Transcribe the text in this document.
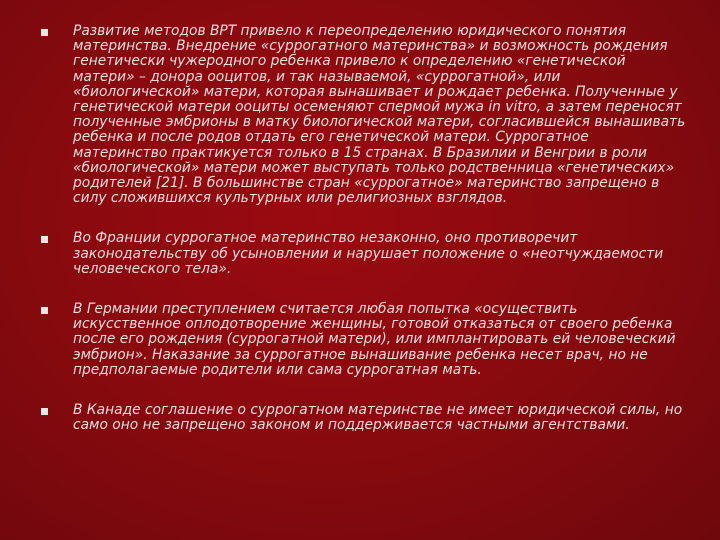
Развитие методов ВРТ привело к переопределению юридического понятия материнства. Внедрение «суррогатного материнства» и возможность рождения генетически чужеродного ребенка привело к определению «генетической матери» – донора ооцитов, и так называемой, «суррогатной», или «биологической» матери, которая вынашивает и рождает ребенка. Полученные у генетической матери ооциты осеменяют спермой мужа in vitro, а затем переносят полученные эмбрионы в матку биологической матери, согласившейся вынашивать ребенка и после родов отдать его генетической матери. Суррогатное материнство практикуется только в 15 странах. В Бразилии и Венгрии в роли «биологической» матери может выступать только родственница «генетических» родителей [21]. В большинстве стран «суррогатное» материнство запрещено в силу сложившихся культурных или религиозных взглядов.
Во Франции суррогатное материнство незаконно, оно противоречит законодательству об усыновлении и нарушает положение о «неотчуждаемости человеческого тела».
В Германии преступлением считается любая попытка «осуществить искусственное оплодотворение женщины, готовой отказаться от своего ребенка после его рождения (суррогатной матери), или имплантировать ей человеческий эмбрион». Наказание за суррогатное вынашивание ребенка несет врач, но не предполагаемые родители или сама суррогатная мать.
В Канаде соглашение о суррогатном материнстве не имеет юридической силы, но само оно не запрещено законом и поддерживается частными агентствами.
